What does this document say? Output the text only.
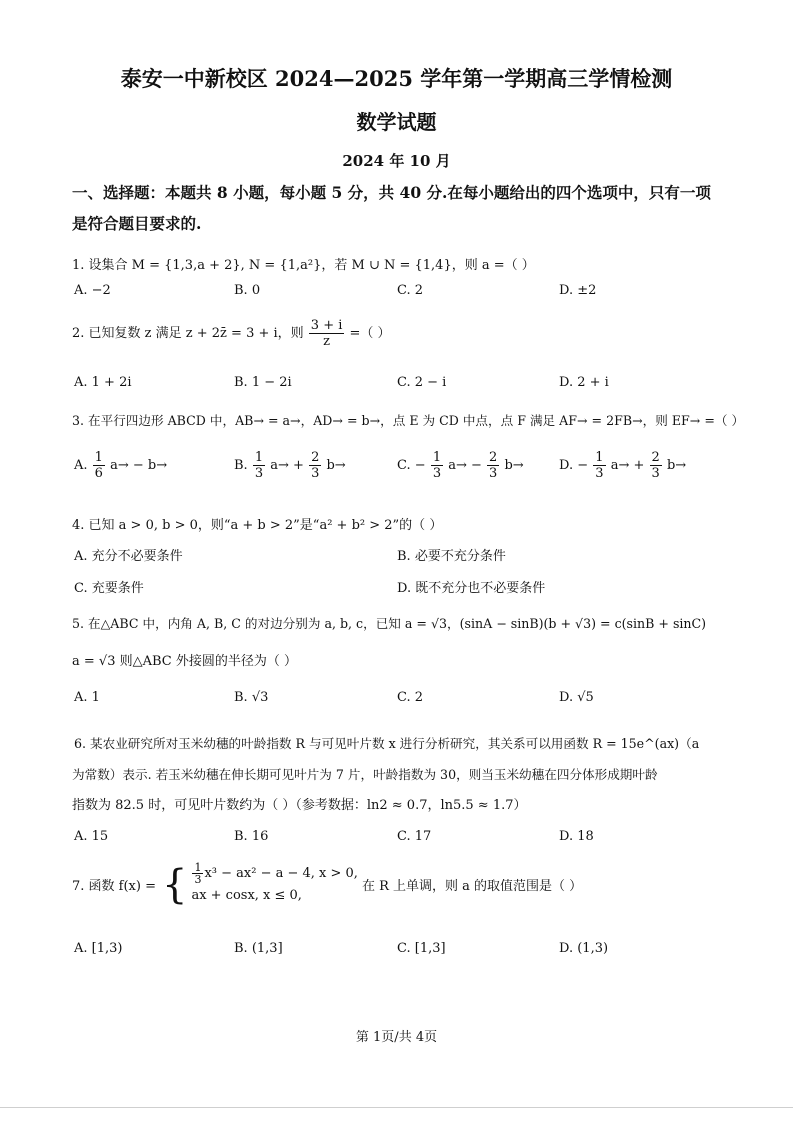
泰安一中新校区 2024—2025 学年第一学期高三学情检测
数学试题
2024 年 10 月
一、选择题：本题共 8 小题，每小题 5 分，共 40 分.在每小题给出的四个选项中，只有一项
是符合题目要求的.
1. 设集合 M = {1,3,a + 2}, N = {1,a²}，若 M ∪ N = {1,4}，则 a =（ ）
A. −2	B. 0	C. 2	D. ±2
2. 已知复数 z 满足 z + 2z̄ = 3 + i，则 $\frac{3 + i}{z}$ =（ ）
A. 1 + 2i	B. 1 − 2i	C. 2 − i	D. 2 + i
3. 在平行四边形 ABCD 中，AB→ = a→，AD→ = b→，点 E 为 CD 中点，点 F 满足 AF→ = 2FB→，则 EF→ =（ ）
A. $\frac{1}{6} a\to - b\to$	B. $\frac{1}{3} a\to + \frac{2}{3} b\to$	C. − $\frac{1}{3} a\to - \frac{2}{3} b\to$	D. − $\frac{1}{3} a\to + \frac{2}{3} b\to$
4. 已知 a > 0, b > 0，则“a + b > 2”是“a² + b² > 2”的（ ）
A. 充分不必要条件	B. 必要不充分条件
C. 充要条件	D. 既不充分也不必要条件
5. 在△ABC 中，内角 A, B, C 的对边分别为 a, b, c，已知 a = √3，(sinA − sinB)(b + √3) = c(sinB + sinC)
a = √3 则△ABC 外接圆的半径为（ ）
A. 1	B. √3	C. 2	D. √5
6. 某农业研究所对玉米幼穗的叶龄指数 R 与可见叶片数 x 进行分析研究，其关系可以用函数 R = 15e^(ax)（a
为常数）表示. 若玉米幼穗在伸长期可见叶片为 7 片，叶龄指数为 30，则当玉米幼穗在四分体形成期叶龄
指数为 82.5 时，可见叶片数约为（ ）（参考数据：ln2 ≈ 0.7，ln5.5 ≈ 1.7）
A. 15	B. 16	C. 17	D. 18
7. 函数 f(x) = { $\frac{1}{3} x^3 - ax^2 - a - 4$, x > 0,
ax + cosx, x ≤ 0,
在 R 上单调，则 a 的取值范围是（ ）
A. [1,3)	B. (1,3]	C. [1,3]	D. (1,3)
第 1页/共 4页
